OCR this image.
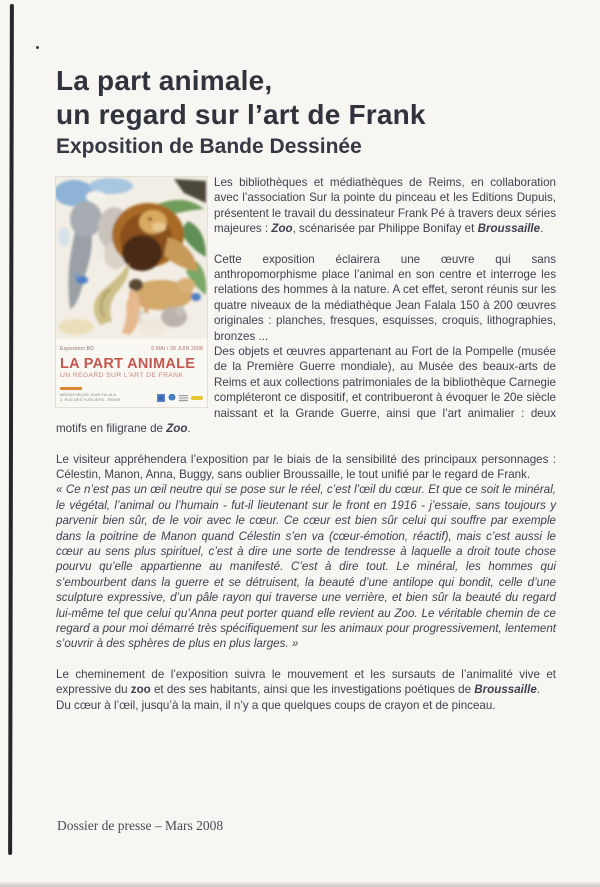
La part animale,
un regard sur l’art de Frank
Exposition de Bande Dessinée
Exposition BD	6 MAI / 28 JUIN 2008
LA PART ANIMALE
UN REGARD SUR L’ART DE FRANK
MÉDIATHÈQUE JEAN FALALA
2, RUE DES FUSILIERS - REIMS

Les bibliothèques et médiathèques de Reims, en collaboration avec l’association Sur la pointe du pinceau et les Editions Dupuis, présentent le travail du dessinateur Frank Pé à travers deux séries majeures : Zoo, scénarisée par Philippe Bonifay et Broussaille.

Cette exposition éclairera une œuvre qui sans anthropomorphisme place l’animal en son centre et interroge les relations des hommes à la nature. A cet effet, seront réunis sur les quatre niveaux de la médiathèque Jean Falala 150 à 200 œuvres originales : planches, fresques, esquisses, croquis, lithographies, bronzes ...

Des objets et œuvres appartenant au Fort de la Pompelle (musée de la Première Guerre mondiale), au Musée des beaux-arts de Reims et aux collections patrimoniales de la bibliothèque Carnegie compléteront ce dispositif, et contribueront à évoquer le 20e siècle naissant et la Grande Guerre, ainsi que l’art animalier : deux motifs en filigrane de Zoo.

Le visiteur appréhendera l’exposition par le biais de la sensibilité des principaux personnages : Célestin, Manon, Anna, Buggy, sans oublier Broussaille, le tout unifié par le regard de Frank.

« Ce n’est pas un œil neutre qui se pose sur le réel, c’est l’œil du cœur. Et que ce soit le minéral, le végétal, l’animal ou l’humain - fut-il lieutenant sur le front en 1916 - j’essaie, sans toujours y parvenir bien sûr, de le voir avec le cœur. Ce cœur est bien sûr celui qui souffre par exemple dans la poitrine de Manon quand Célestin s’en va (cœur-émotion, réactif), mais c’est aussi le cœur au sens plus spirituel, c’est à dire une sorte de tendresse à laquelle a droit toute chose pourvu qu’elle appartienne au manifesté. C’est à dire tout. Le minéral, les hommes qui s’embourbent dans la guerre et se détruisent, la beauté d’une antilope qui bondit, celle d’une sculpture expressive, d’un pâle rayon qui traverse une verrière, et bien sûr la beauté du regard lui-même tel que celui qu’Anna peut porter quand elle revient au Zoo. Le véritable chemin de ce regard a pour moi démarré très spécifiquement sur les animaux pour progressivement, lentement s’ouvrir à des sphères de plus en plus larges. »

Le cheminement de l’exposition suivra le mouvement et les sursauts de l’animalité vive et expressive du zoo et des ses habitants, ainsi que les investigations poétiques de Broussaille.

Du cœur à l’œil, jusqu’à la main, il n’y a que quelques coups de crayon et de pinceau.

Dossier de presse – Mars 2008
